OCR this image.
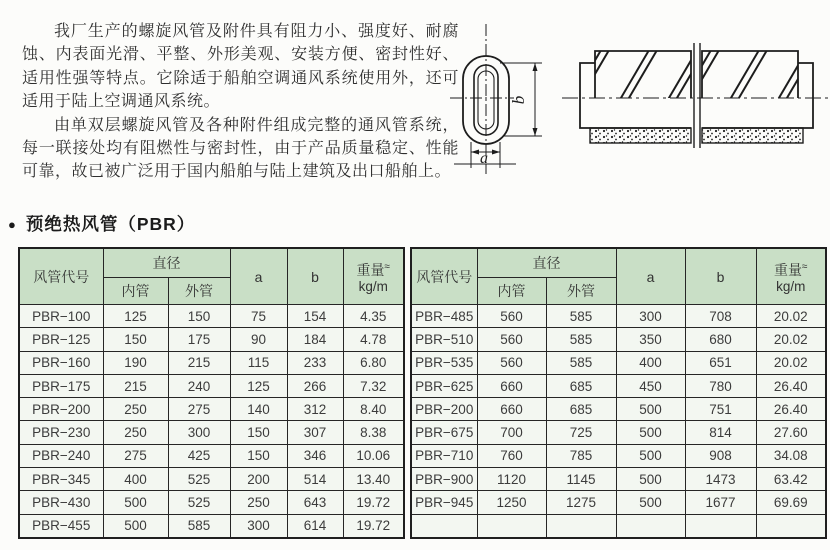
我厂生产的螺旋风管及附件具有阻力小、强度好、耐腐蚀、内表面光滑、平整、外形美观、安装方便、密封性好、适用性强等特点。它除适于船舶空调通风系统使用外，还可适用于陆上空调通风系统。

由单双层螺旋风管及各种附件组成完整的通风管系统，每一联接处均有阻燃性与密封性，由于产品质量稳定、性能可靠，故已被广泛用于国内船舶与陆上建筑及出口船舶上。

b
a
● 预绝热风管（PBR）
风管代号	直径		a	b	重量≈
kg/m

	内管	外管			
PBR−100	125	150	75	154	4.35
PBR−125	150	175	90	184	4.78
PBR−160	190	215	115	233	6.80
PBR−175	215	240	125	266	7.32
PBR−200	250	275	140	312	8.40
PBR−230	250	300	150	307	8.38
PBR−240	275	425	150	346	10.06
PBR−345	400	525	200	514	13.40
PBR−430	500	525	250	643	19.72
PBR−455	500	585	300	614	19.72
风管代号	直径		a	b	重量≈
kg/m

	内管	外管			
PBR−485	560	585	300	708	20.02
PBR−510	560	585	350	680	20.02
PBR−535	560	585	400	651	20.02
PBR−625	660	685	450	780	26.40
PBR−200	660	685	500	751	26.40
PBR−675	700	725	500	814	27.60
PBR−710	760	785	500	908	34.08
PBR−900	1120	1145	500	1473	63.42
PBR−945	1250	1275	500	1677	69.69
